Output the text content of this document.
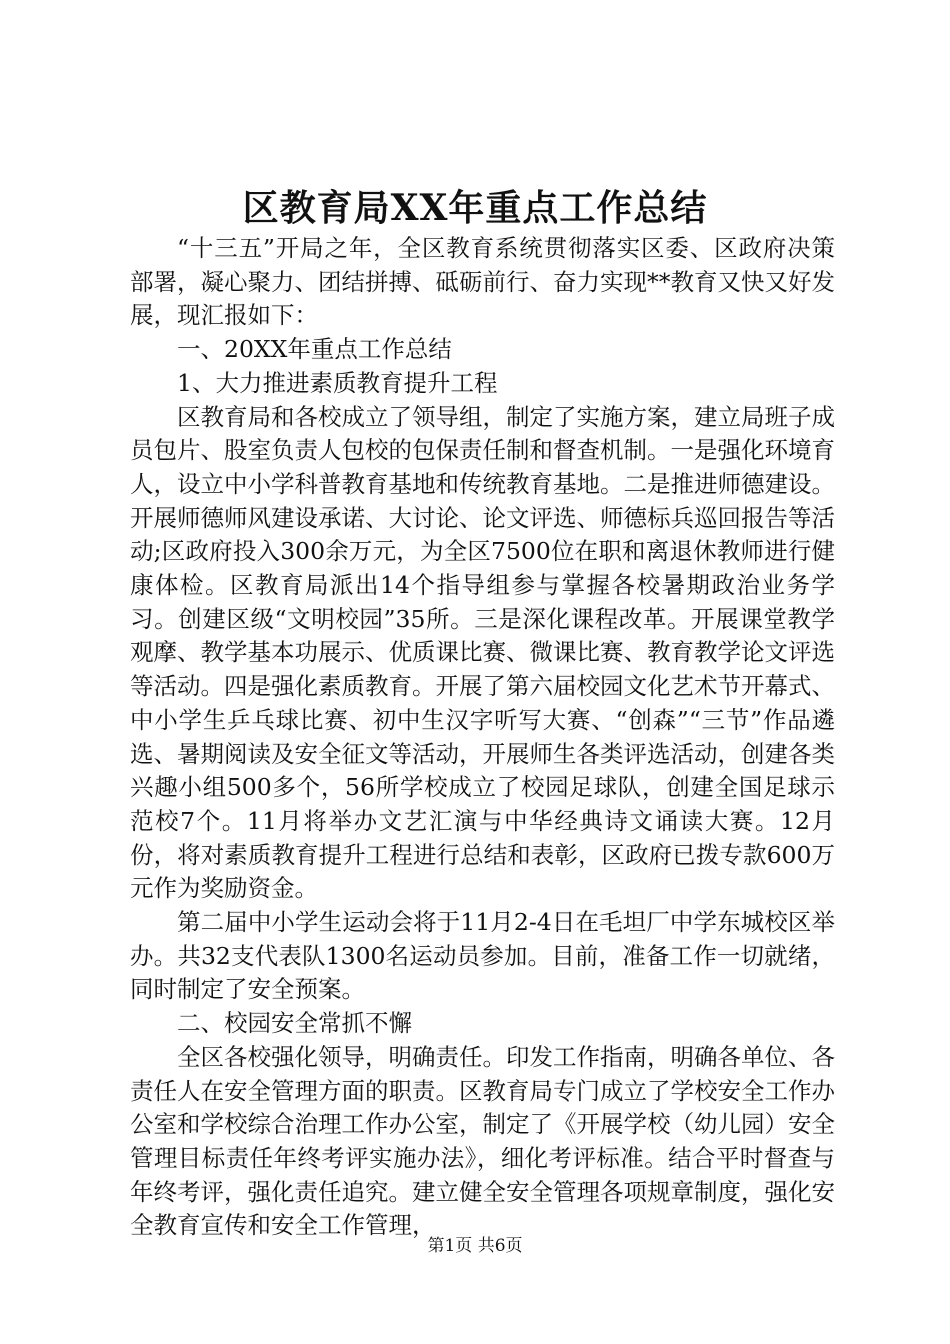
区教育局XX年重点工作总结

“十三五”开局之年，全区教育系统贯彻落实区委、区政府决策部署，凝心聚力、团结拼搏、砥砺前行、奋力实现**教育又快又好发展，现汇报如下：

一、20XX年重点工作总结

1、大力推进素质教育提升工程

区教育局和各校成立了领导组，制定了实施方案，建立局班子成员包片、股室负责人包校的包保责任制和督查机制。一是强化环境育人，设立中小学科普教育基地和传统教育基地。二是推进师德建设。开展师德师风建设承诺、大讨论、论文评选、师德标兵巡回报告等活动;区政府投入300余万元，为全区7500位在职和离退休教师进行健康体检。区教育局派出14个指导组参与掌握各校暑期政治业务学习。创建区级“文明校园”35所。三是深化课程改革。开展课堂教学观摩、教学基本功展示、优质课比赛、微课比赛、教育教学论文评选等活动。四是强化素质教育。开展了第六届校园文化艺术节开幕式、中小学生乒乓球比赛、初中生汉字听写大赛、“创森”“三节”作品遴选、暑期阅读及安全征文等活动，开展师生各类评选活动，创建各类兴趣小组500多个，56所学校成立了校园足球队，创建全国足球示范校7个。11月将举办文艺汇演与中华经典诗文诵读大赛。12月份，将对素质教育提升工程进行总结和表彰，区政府已拨专款600万元作为奖励资金。

第二届中小学生运动会将于11月2-4日在毛坦厂中学东城校区举办。共32支代表队1300名运动员参加。目前，准备工作一切就绪，同时制定了安全预案。

二、校园安全常抓不懈

全区各校强化领导，明确责任。印发工作指南，明确各单位、各责任人在安全管理方面的职责。区教育局专门成立了学校安全工作办公室和学校综合治理工作办公室，制定了《开展学校（幼儿园）安全管理目标责任年终考评实施办法》，细化考评标准。结合平时督查与年终考评，强化责任追究。建立健全安全管理各项规章制度，强化安全教育宣传和安全工作管理，

第1页 共6页
